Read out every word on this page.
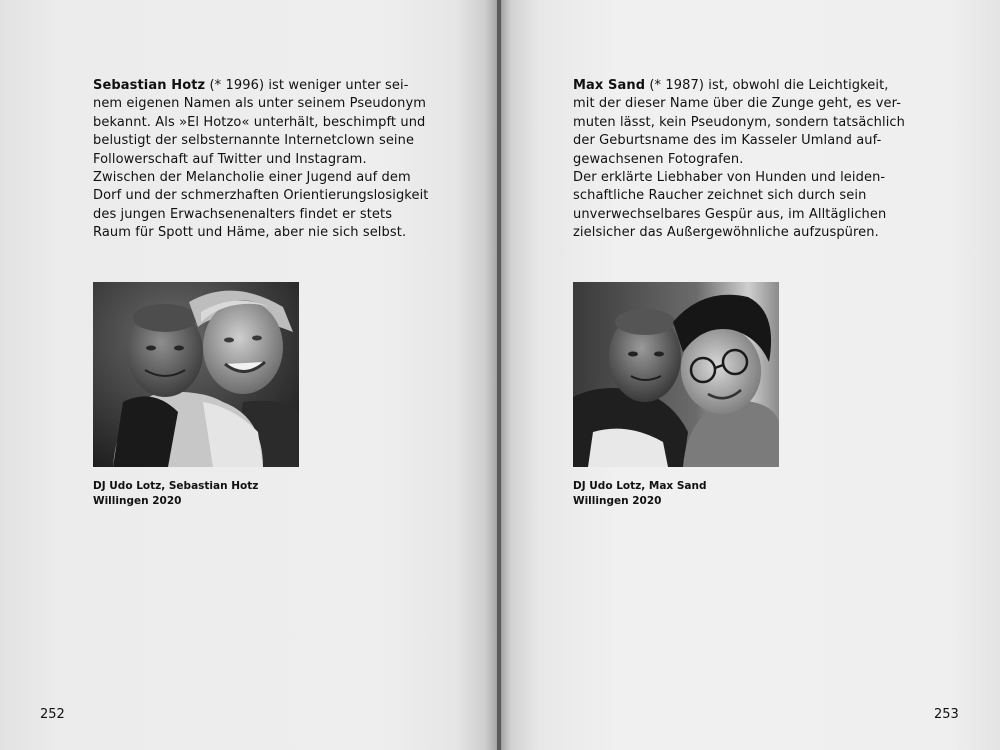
Sebastian Hotz (* 1996) ist weniger unter sei-
nem eigenen Namen als unter seinem Pseudonym
bekannt. Als »El Hotzo« unterhält, beschimpft und
belustigt der selbsternannte Internetclown seine
Followerschaft auf Twitter und Instagram.
Zwischen der Melancholie einer Jugend auf dem
Dorf und der schmerzhaften Orientierungslosigkeit
des jungen Erwachsenenalters findet er stets
Raum für Spott und Häme, aber nie sich selbst.

DJ Udo Lotz, Sebastian Hotz
Willingen 2020
252

Max Sand (* 1987) ist, obwohl die Leichtigkeit,
mit der dieser Name über die Zunge geht, es ver-
muten lässt, kein Pseudonym, sondern tatsächlich
der Geburtsname des im Kasseler Umland auf-
gewachsenen Fotografen.
Der erklärte Liebhaber von Hunden und leiden-
schaftliche Raucher zeichnet sich durch sein
unverwechselbares Gespür aus, im Alltäglichen
zielsicher das Außergewöhnliche aufzuspüren.

DJ Udo Lotz, Max Sand
Willingen 2020
253
